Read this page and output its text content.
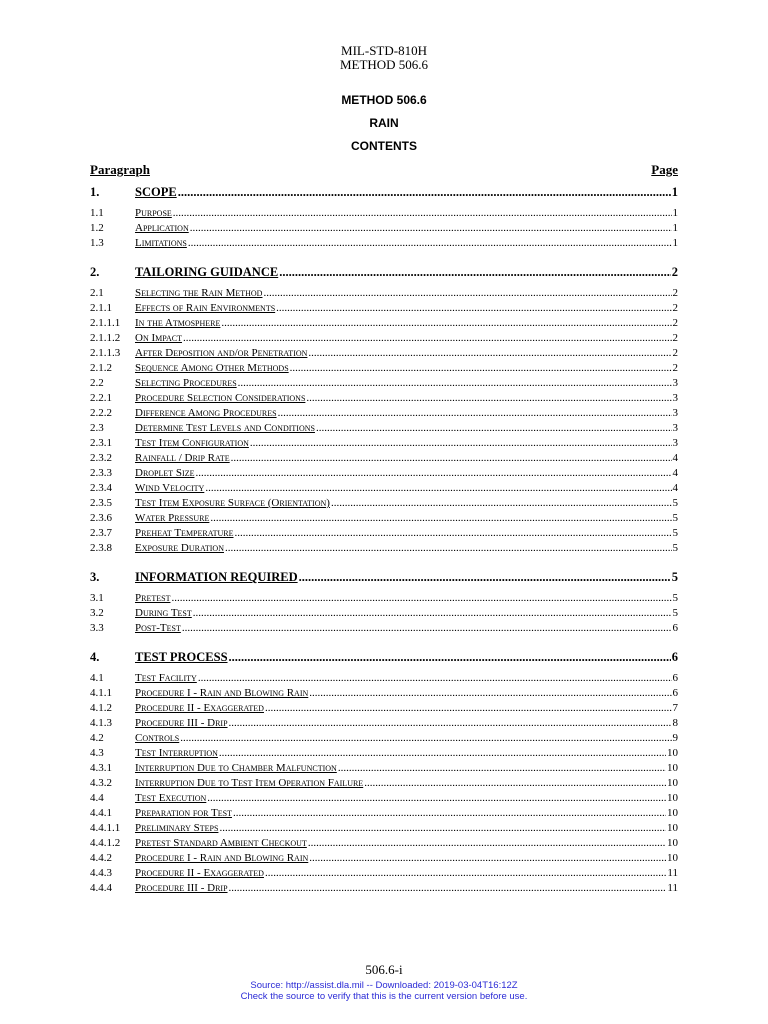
MIL-STD-810H
METHOD 506.6
METHOD 506.6
RAIN
CONTENTS
Paragraph	Page
1.	SCOPE .....	1
1.1	Purpose .....	1
1.2	Application .....	1
1.3	Limitations .....	1
2.	TAILORING GUIDANCE .....	2
2.1	Selecting the Rain Method .....	2
2.1.1	Effects of Rain Environments .....	2
2.1.1.1	In the Atmosphere .....	2
2.1.1.2	On Impact .....	2
2.1.1.3	After Deposition and/or Penetration .....	2
2.1.2	Sequence Among Other Methods .....	2
2.2	Selecting Procedures .....	3
2.2.1	Procedure Selection Considerations .....	3
2.2.2	Difference Among Procedures .....	3
2.3	Determine Test Levels and Conditions .....	3
2.3.1	Test Item Configuration .....	3
2.3.2	Rainfall / Drip Rate .....	4
2.3.3	Droplet Size .....	4
2.3.4	Wind Velocity .....	4
2.3.5	Test Item Exposure Surface (Orientation) .....	5
2.3.6	Water Pressure .....	5
2.3.7	Preheat Temperature .....	5
2.3.8	Exposure Duration .....	5
3.	INFORMATION REQUIRED .....	5
3.1	Pretest .....	5
3.2	During Test .....	5
3.3	Post-Test .....	6
4.	TEST PROCESS .....	6
4.1	Test Facility .....	6
4.1.1	Procedure I - Rain and Blowing Rain .....	6
4.1.2	Procedure II - Exaggerated .....	7
4.1.3	Procedure III - Drip .....	8
4.2	Controls .....	9
4.3	Test Interruption .....	10
4.3.1	Interruption Due to Chamber Malfunction .....	10
4.3.2	Interruption Due to Test Item Operation Failure .....	10
4.4	Test Execution .....	10
4.4.1	Preparation for Test .....	10
4.4.1.1	Preliminary Steps .....	10
4.4.1.2	Pretest Standard Ambient Checkout .....	10
4.4.2	Procedure I - Rain and Blowing Rain .....	10
4.4.3	Procedure II - Exaggerated .....	11
4.4.4	Procedure III - Drip .....	11
506.6-i
Source: http://assist.dla.mil -- Downloaded: 2019-03-04T16:12Z
Check the source to verify that this is the current version before use.
